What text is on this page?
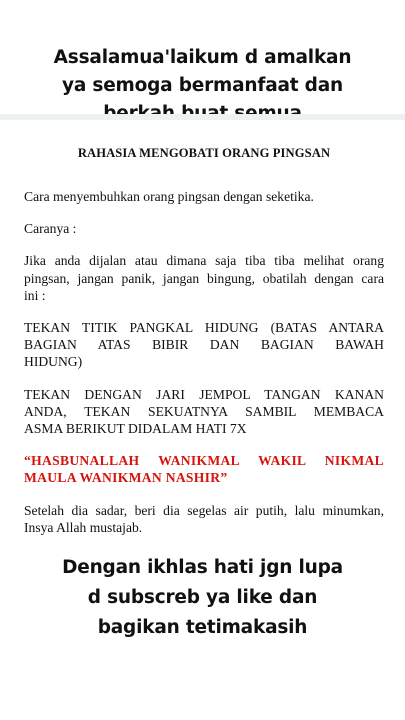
Assalamua'laikum d amalkan
ya semoga bermanfaat dan
RAHASIA MENGOBATI ORANG PINGSAN

Cara menyembuhkan orang pingsan dengan seketika.

Caranya :

Jika anda dijalan atau dimana saja tiba tiba melihat orang
pingsan, jangan panik, jangan bingung, obatilah dengan cara
ini :

TEKAN TITIK PANGKAL HIDUNG (BATAS ANTARA
BAGIAN ATAS BIBIR DAN BAGIAN BAWAH
HIDUNG)

TEKAN DENGAN JARI JEMPOL TANGAN KANAN
ANDA, TEKAN SEKUATNYA SAMBIL MEMBACA
ASMA BERIKUT DIDALAM HATI 7X

“HASBUNALLAH WANIKMAL WAKIL NIKMAL
MAULA WANIKMAN NASHIR”

Setelah dia sadar, beri dia segelas air putih, lalu minumkan,
Insya Allah mustajab.

Dengan ikhlas hati jgn lupa
d subscreb ya like dan
bagikan tetimakasih
